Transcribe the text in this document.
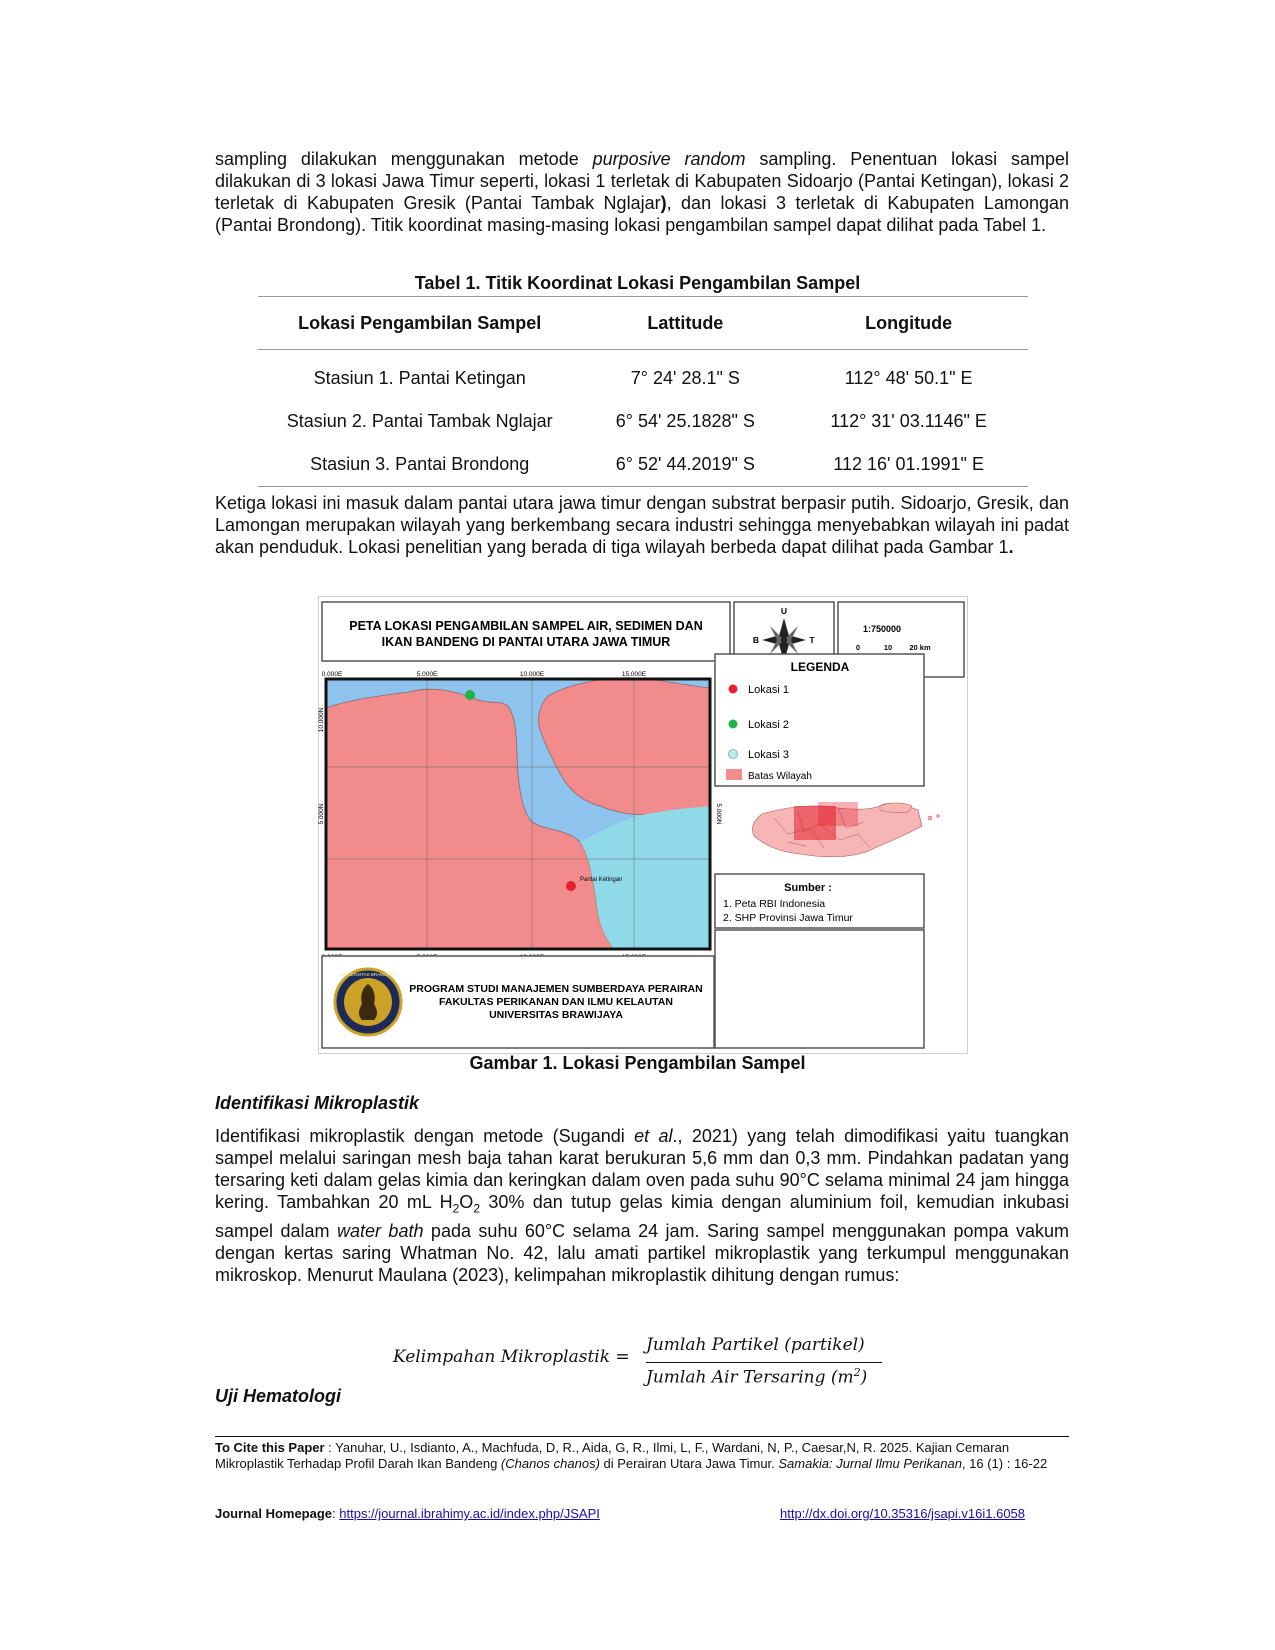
sampling dilakukan menggunakan metode purposive random sampling. Penentuan lokasi sampel dilakukan di 3 lokasi Jawa Timur seperti, lokasi 1 terletak di Kabupaten Sidoarjo (Pantai Ketingan), lokasi 2 terletak di Kabupaten Gresik (Pantai Tambak Nglajar), dan lokasi 3 terletak di Kabupaten Lamongan (Pantai Brondong). Titik koordinat masing-masing lokasi pengambilan sampel dapat dilihat pada Tabel 1.

Tabel 1. Titik Koordinat Lokasi Pengambilan Sampel
Lokasi Pengambilan Sampel	Lattitude	Longitude
Stasiun 1. Pantai Ketingan	7° 24' 28.1" S	112° 48' 50.1" E
Stasiun 2. Pantai Tambak Nglajar	6° 54' 25.1828" S	112° 31' 03.1146" E
Stasiun 3. Pantai Brondong	6° 52' 44.2019" S	112 16' 01.1991" E

Ketiga lokasi ini masuk dalam pantai utara jawa timur dengan substrat berpasir putih. Sidoarjo, Gresik, dan Lamongan merupakan wilayah yang berkembang secara industri sehingga menyebabkan wilayah ini padat akan penduduk. Lokasi penelitian yang berada di tiga wilayah berbeda dapat dilihat pada Gambar 1.

PETA LOKASI PENGAMBILAN SAMPEL AIR, SEDIMEN DAN
IKAN BANDENG DI PANTAI UTARA JAWA TIMUR
U
B	T
1:750000
0	10 20 km
0.000E	5.000E	10.000E	15.000E
10.000N
5.000N	5.000N
Pantai Ketingan
LEGENDA
Lokasi 1
Lokasi 2
Lokasi 3
Batas Wilayah
Sumber :
1. Peta RBI Indonesia
2. SHP Provinsi Jawa Timur
UNIVERSITAS BRAWIJAYA
PROGRAM STUDI MANAJEMEN SUMBERDAYA PERAIRAN
FAKULTAS PERIKANAN DAN ILMU KELAUTAN
UNIVERSITAS BRAWIJAYA
Gambar 1. Lokasi Pengambilan Sampel
Identifikasi Mikroplastik

Identifikasi mikroplastik dengan metode (Sugandi et al., 2021) yang telah dimodifikasi yaitu tuangkan sampel melalui saringan mesh baja tahan karat berukuran 5,6 mm dan 0,3 mm. Pindahkan padatan yang tersaring keti dalam gelas kimia dan keringkan dalam oven pada suhu 90°C selama minimal 24 jam hingga kering. Tambahkan 20 mL $H_2O_2$ 30% dan tutup gelas kimia dengan aluminium foil, kemudian inkubasi sampel dalam water bath pada suhu 60°C selama 24 jam. Saring sampel menggunakan pompa vakum dengan kertas saring Whatman No. 42, lalu amati partikel mikroplastik yang terkumpul menggunakan mikroskop. Menurut Maulana (2023), kelimpahan mikroplastik dihitung dengan rumus:

Kelimpahan Mikroplastik =
Jumlah Partikel (partikel)
Jumlah Air Tersaring $(m^2)$
Uji Hematologi
To Cite this Paper : Yanuhar, U., Isdianto, A., Machfuda, D, R., Aida, G, R., Ilmi, L, F., Wardani, N, P., Caesar,N, R. 2025. Kajian Cemaran Mikroplastik Terhadap Profil Darah Ikan Bandeng (Chanos chanos) di Perairan Utara Jawa Timur. Samakia: Jurnal Ilmu Perikanan, 16 (1) : 16-22
Journal Homepage: https://journal.ibrahimy.ac.id/index.php/JSAPI	http://dx.doi.org/10.35316/jsapi.v16i1.6058
